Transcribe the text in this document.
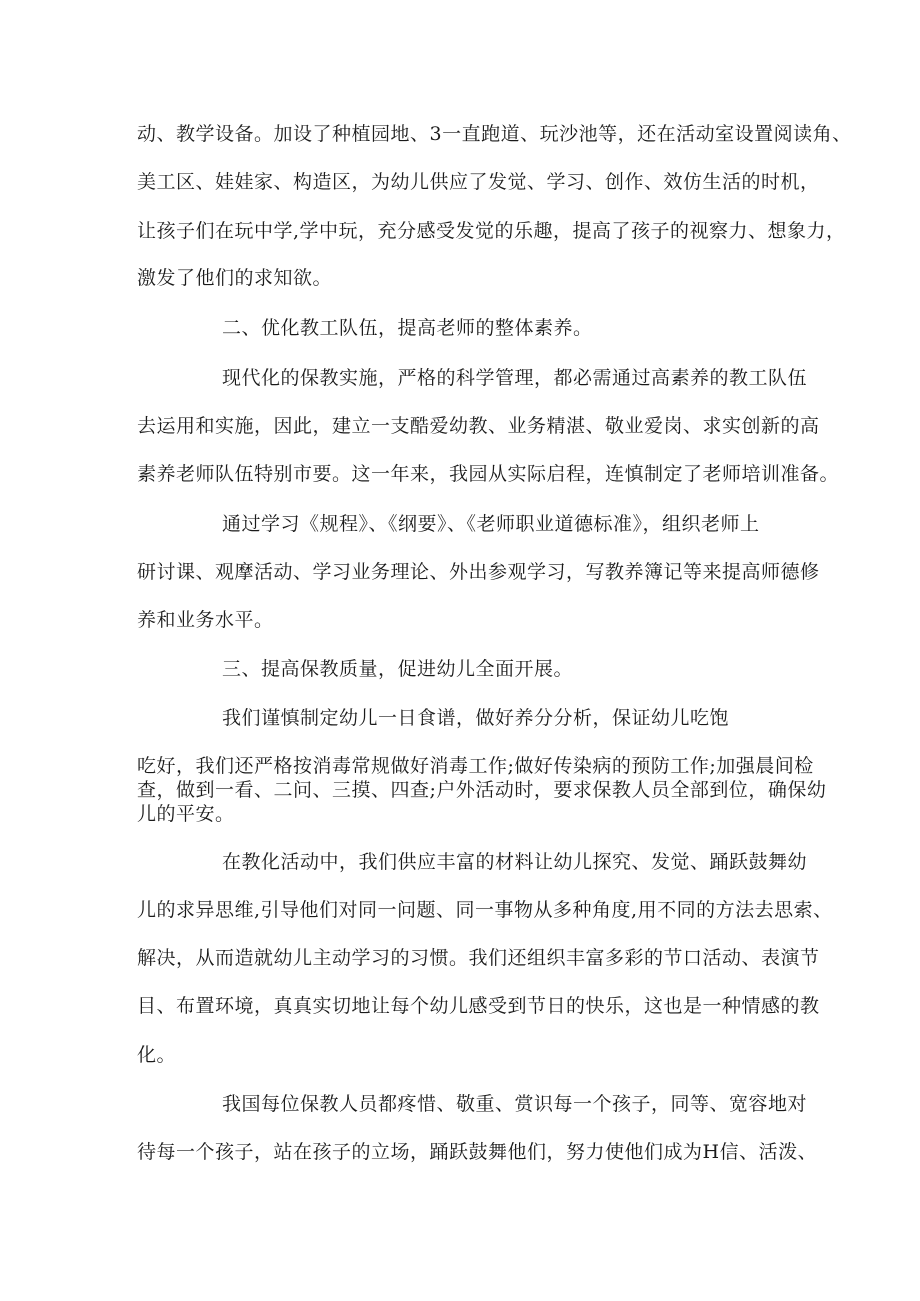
动、教学设备。加设了种植园地、3一直跑道、玩沙池等，还在活动室设置阅读角、
美工区、娃娃家、构造区，为幼儿供应了发觉、学习、创作、效仿生活的时机，
让孩子们在玩中学,学中玩，充分感受发觉的乐趣，提高了孩子的视察力、想象力，
激发了他们的求知欲。
二、优化教工队伍，提高老师的整体素养。
现代化的保教实施，严格的科学管理，都必需通过高素养的教工队伍
去运用和实施，因此，建立一支酷爱幼教、业务精湛、敬业爱岗、求实创新的高
素养老师队伍特别市要。这一年来，我园从实际启程，连慎制定了老师培训准备。
通过学习《规程》、《纲要》、《老师职业道德标准》，组织老师上
研讨课、观摩活动、学习业务理论、外出参观学习，写教养簿记等来提高师德修
养和业务水平。
三、提高保教质量，促进幼儿全面开展。
我们谨慎制定幼儿一日食谱，做好养分分析，保证幼儿吃饱
吃好，我们还严格按消毒常规做好消毒工作;做好传染病的预防工作;加强晨间检
查，做到一看、二问、三摸、四查;户外活动时，要求保教人员全部到位，确保幼
儿的平安。
在教化活动中，我们供应丰富的材料让幼儿探究、发觉、踊跃鼓舞幼
儿的求异思维,引导他们对同一问题、同一事物从多种角度,用不同的方法去思索、
解决，从而造就幼儿主动学习的习惯。我们还组织丰富多彩的节口活动、表演节
目、布置环境，真真实切地让每个幼儿感受到节日的快乐，这也是一种情感的教
化。
我国每位保教人员都疼惜、敬重、赏识每一个孩子，同等、宽容地对
待每一个孩子，站在孩子的立场，踊跃鼓舞他们，努力使他们成为H信、活泼、
